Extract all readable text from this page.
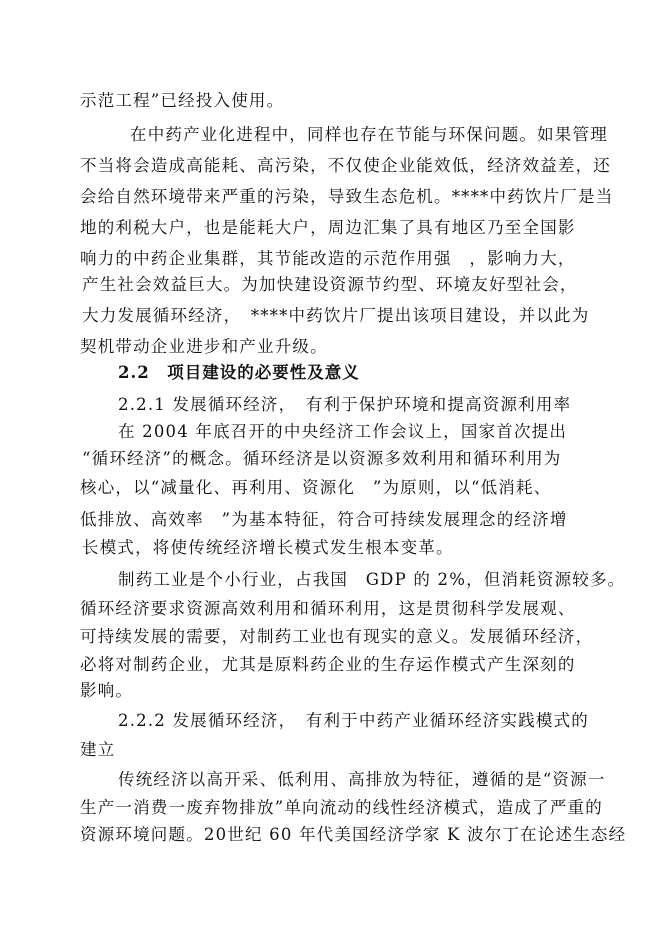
示范工程”已经投入使用。
在中药产业化进程中，同样也存在节能与环保问题。如果管理
不当将会造成高能耗、高污染，不仅使企业能效低，经济效益差，还
会给自然环境带来严重的污染，导致生态危机。****中药饮片厂是当
地的利税大户，也是能耗大户，周边汇集了具有地区乃至全国影
响力的中药企业集群，其节能改造的示范作用强　，影响力大，
产生社会效益巨大。为加快建设资源节约型、环境友好型社会，
大力发展循环经济，　****中药饮片厂提出该项目建设，并以此为
契机带动企业进步和产业升级。
2.2　项目建设的必要性及意义
2.2.1 发展循环经济，　有利于保护环境和提高资源利用率
在 2004 年底召开的中央经济工作会议上，国家首次提出
“循环经济”的概念。循环经济是以资源多效利用和循环利用为
核心，以“减量化、再利用、资源化　”为原则，以“低消耗、
低排放、高效率　”为基本特征，符合可持续发展理念的经济增
长模式，将使传统经济增长模式发生根本变革。
制药工业是个小行业，占我国　GDP 的 2%，但消耗资源较多。
循环经济要求资源高效利用和循环利用，这是贯彻科学发展观、
可持续发展的需要，对制药工业也有现实的意义。发展循环经济，
必将对制药企业，尤其是原料药企业的生存运作模式产生深刻的
影响。
2.2.2 发展循环经济，　有利于中药产业循环经济实践模式的
建立
传统经济以高开采、低利用、高排放为特征，遵循的是“资源一
生产一消费一废弃物排放”单向流动的线性经济模式，造成了严重的
资源环境问题。20世纪 60 年代美国经济学家 K 波尔丁在论述生态经
